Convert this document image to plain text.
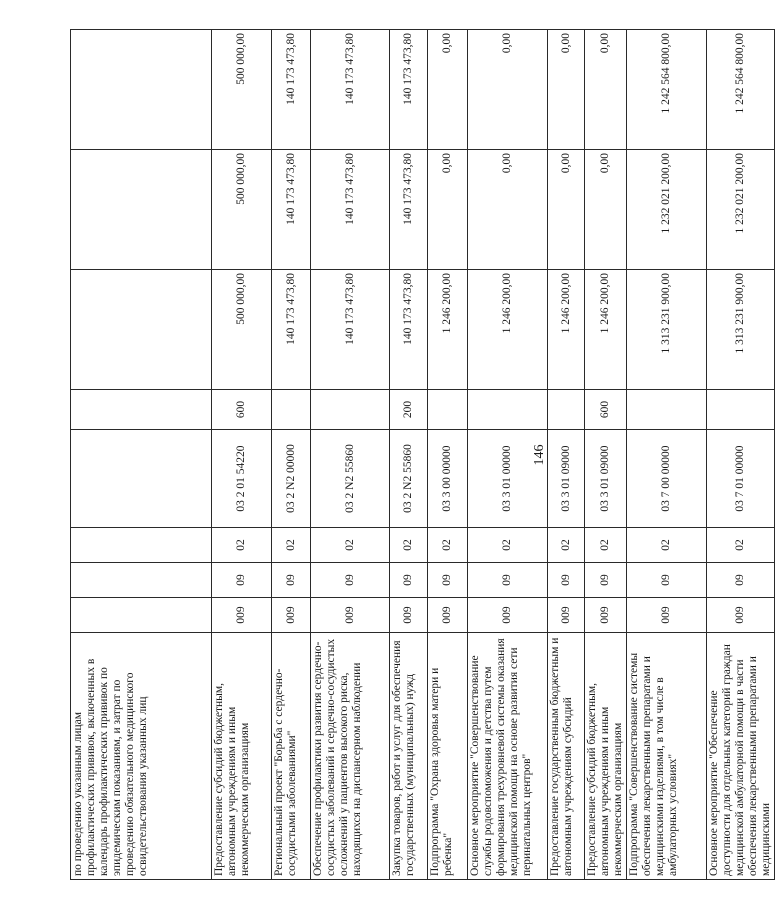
по проведению указанным лицам профилактических прививок, включенных в календарь профилактических прививок по эпидемическим показаниям, и затрат по проведению обязательного медицинского освидетельствования указанных лиц								
Предоставление субсидий бюджетным, автономным учреждениям и иным некоммерческим организациям	009	09	02	03 2 01 54220	600	500 000,00	500 000,00	500 000,00
Региональный проект "Борьба с сердечно-сосудистыми заболеваниями"	009	09	02	03 2 N2 00000		140 173 473,80	140 173 473,80	140 173 473,80
Обеспечение профилактики развития сердечно-сосудистых заболеваний и сердечно-сосудистых осложнений у пациентов высокого риска, находящихся на диспансерном наблюдении	009	09	02	03 2 N2 55860		140 173 473,80	140 173 473,80	140 173 473,80
Закупка товаров, работ и услуг для обеспечения государственных (муниципальных) нужд	009	09	02	03 2 N2 55860	200	140 173 473,80	140 173 473,80	140 173 473,80
Подпрограмма "Охрана здоровья матери и ребенка"	009	09	02	03 3 00 00000		1 246 200,00	0,00	0,00
Основное мероприятие "Совершенствование службы родовспоможения и детства путем формирования трехуровневой системы оказания медицинской помощи на основе развития сети перинатальных центров"	009	09	02	03 3 01 00000		1 246 200,00	0,00	0,00
Предоставление государственным бюджетным и автономным учреждениям субсидий	009	09	02	03 3 01 09000		1 246 200,00	0,00	0,00
Предоставление субсидий бюджетным, автономным учреждениям и иным некоммерческим организациям	009	09	02	03 3 01 09000	600	1 246 200,00	0,00	0,00
Подпрограмма "Совершенствование системы обеспечения лекарственными препаратами и медицинскими изделиями, в том числе в амбулаторных условиях"	009	09	02	03 7 00 00000		1 313 231 900,00	1 232 021 200,00	1 242 564 800,00
Основное мероприятие "Обеспечение доступности для отдельных категорий граждан медицинской амбулаторной помощи в части обеспечения лекарственными препаратами и медицинскими	009	09	02	03 7 01 00000		1 313 231 900,00	1 232 021 200,00	1 242 564 800,00
146
